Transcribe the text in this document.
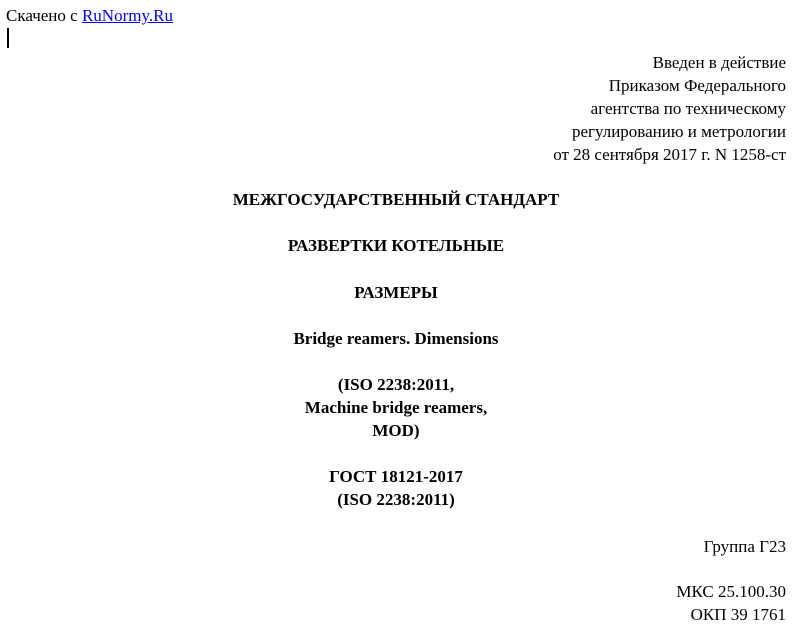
Скачено с RuNormy.Ru
Введен в действие
Приказом Федерального
агентства по техническому
регулированию и метрологии
от 28 сентября 2017 г. N 1258-ст
МЕЖГОСУДАРСТВЕННЫЙ СТАНДАРТ
РАЗВЕРТКИ КОТЕЛЬНЫЕ
РАЗМЕРЫ
Bridge reamers. Dimensions
(ISO 2238:2011,
Machine bridge reamers,
MOD)
ГОСТ 18121-2017
(ISO 2238:2011)
Группа Г23
МКС 25.100.30
ОКП 39 1761
